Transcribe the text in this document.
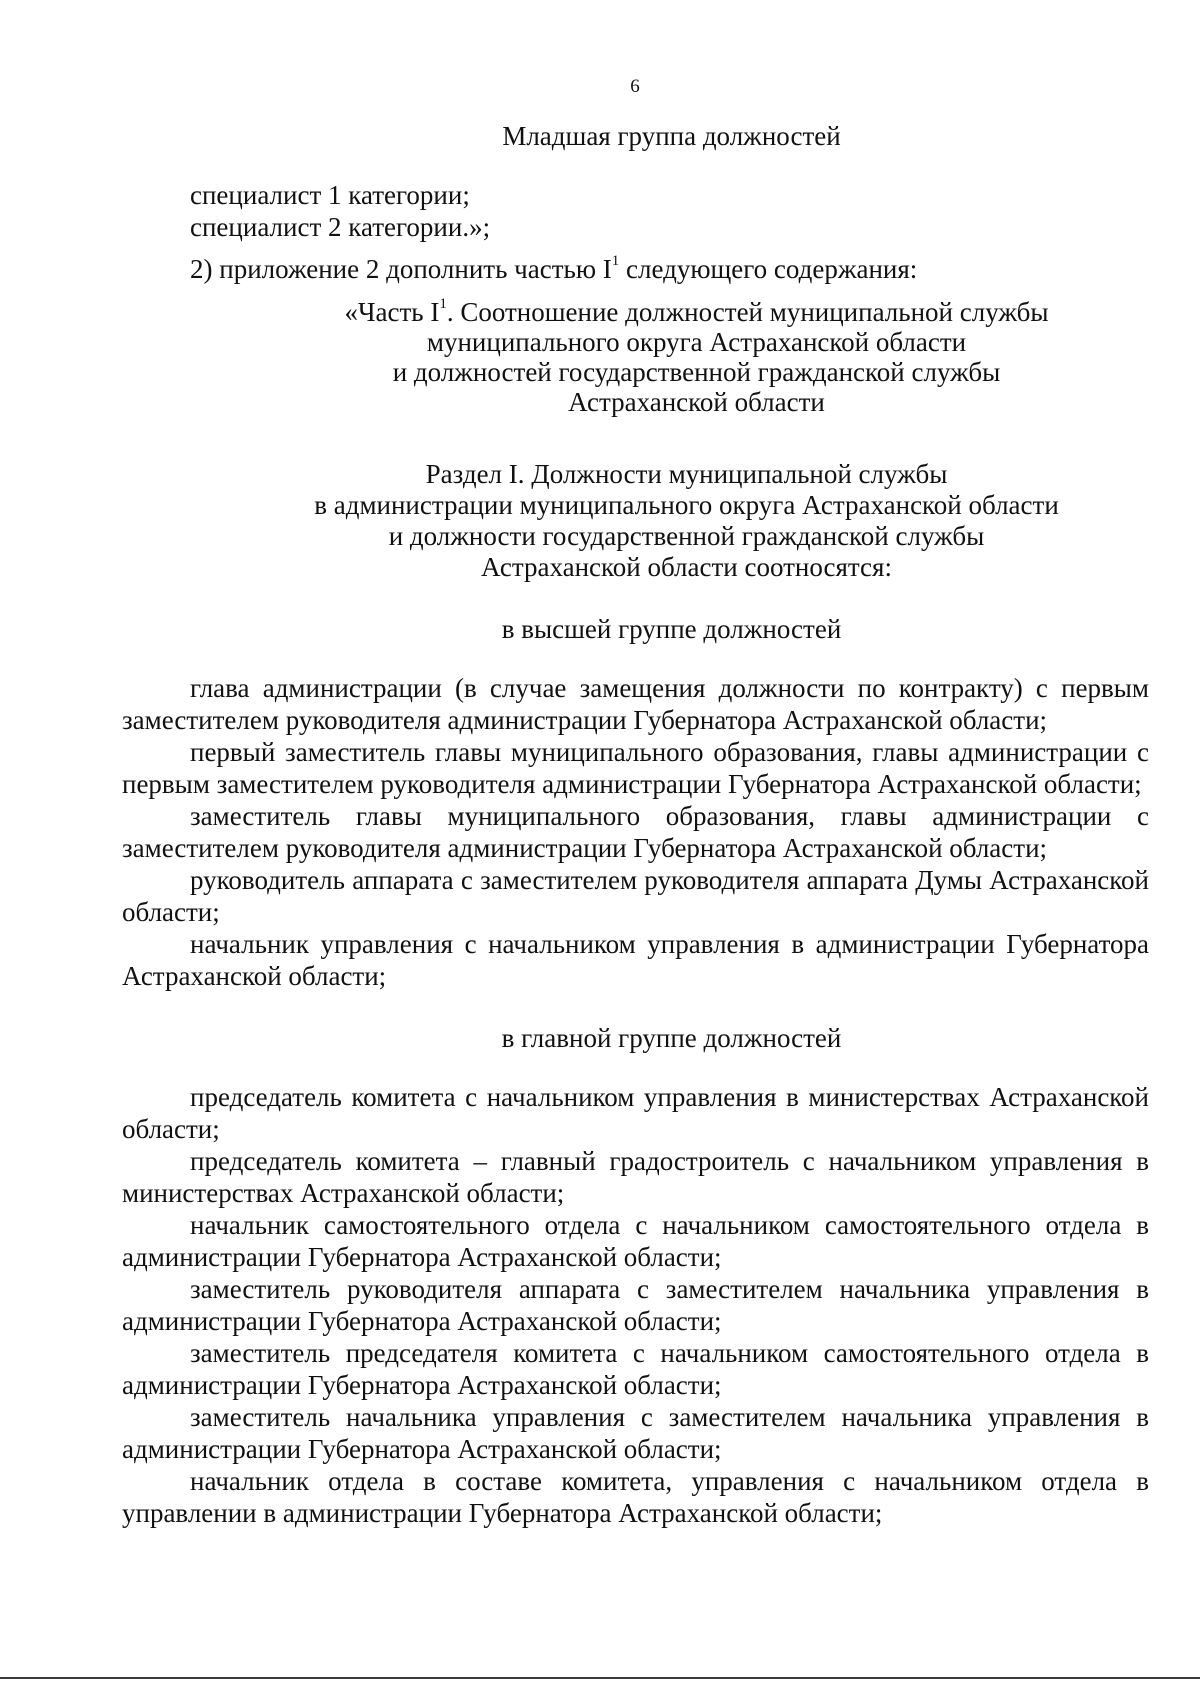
6

Младшая группа должностей

специалист 1 категории;

специалист 2 категории.»;

2) приложение 2 дополнить частью $I^1$ следующего содержания:

«Часть $I^1$. Соотношение должностей муниципальной службы
муниципального округа Астраханской области
и должностей государственной гражданской службы
Астраханской области
Раздел I. Должности муниципальной службы
в администрации муниципального округа Астраханской области
и должности государственной гражданской службы
Астраханской области соотносятся:

в высшей группе должностей

глава администрации (в случае замещения должности по контракту) с первым заместителем руководителя администрации Губернатора Астраханской области;

первый заместитель главы муниципального образования, главы администрации с первым заместителем руководителя администрации Губернатора Астраханской области;

заместитель главы муниципального образования, главы администрации с заместителем руководителя администрации Губернатора Астраханской области;

руководитель аппарата с заместителем руководителя аппарата Думы Астраханской области;

начальник управления с начальником управления в администрации Губернатора Астраханской области;

в главной группе должностей

председатель комитета с начальником управления в министерствах Астраханской области;

председатель комитета – главный градостроитель с начальником управления в министерствах Астраханской области;

начальник самостоятельного отдела с начальником самостоятельного отдела в администрации Губернатора Астраханской области;

заместитель руководителя аппарата с заместителем начальника управления в администрации Губернатора Астраханской области;

заместитель председателя комитета с начальником самостоятельного отдела в администрации Губернатора Астраханской области;

заместитель начальника управления с заместителем начальника управления в администрации Губернатора Астраханской области;

начальник отдела в составе комитета, управления с начальником отдела в управлении в администрации Губернатора Астраханской области;
